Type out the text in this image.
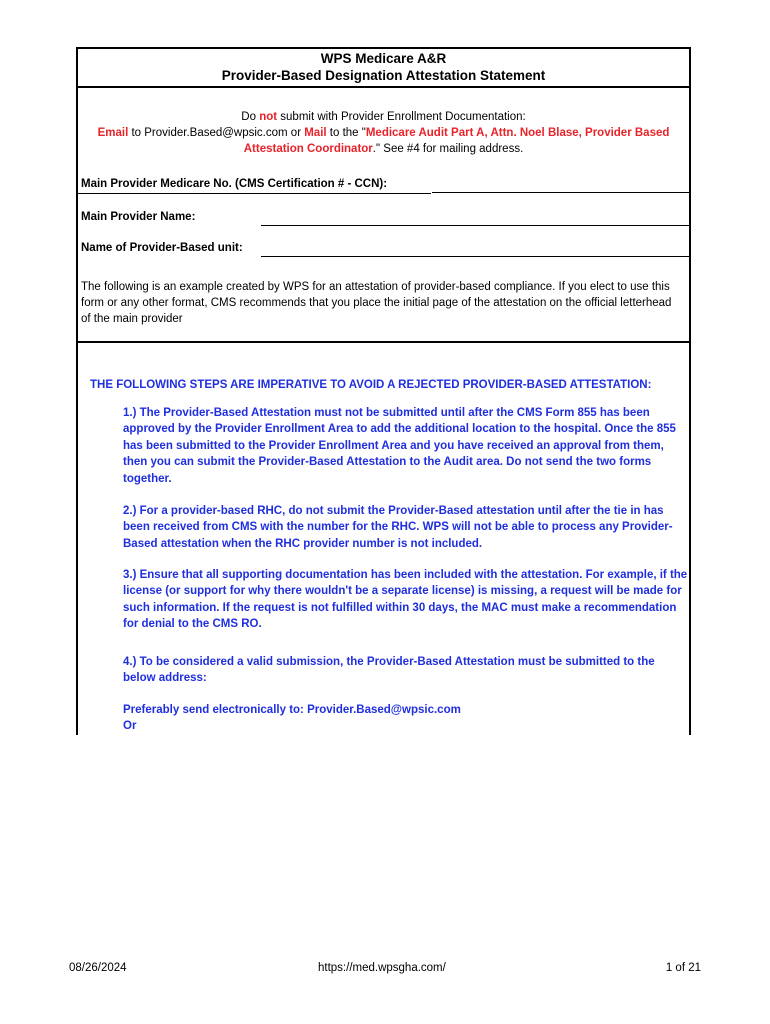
WPS Medicare A&R
Provider-Based Designation Attestation Statement
Do not submit with Provider Enrollment Documentation:
Email to Provider.Based@wpsic.com or Mail to the "Medicare Audit Part A, Attn. Noel Blase, Provider Based
Attestation Coordinator." See #4 for mailing address.
Main Provider Medicare No. (CMS Certification # - CCN):
Main Provider Name:
Name of Provider-Based unit:
The following is an example created by WPS for an attestation of provider-based compliance. If you elect to use this form or any other format, CMS recommends that you place the initial page of the attestation on the official letterhead of the main provider
THE FOLLOWING STEPS ARE IMPERATIVE TO AVOID A REJECTED PROVIDER-BASED ATTESTATION:
1.) The Provider-Based Attestation must not be submitted until after the CMS Form 855 has been approved by the Provider Enrollment Area to add the additional location to the hospital. Once the 855 has been submitted to the Provider Enrollment Area and you have received an approval from them, then you can submit the Provider-Based Attestation to the Audit area. Do not send the two forms together.
2.) For a provider-based RHC, do not submit the Provider-Based attestation until after the tie in has been received from CMS with the number for the RHC. WPS will not be able to process any Provider-Based attestation when the RHC provider number is not included.
3.) Ensure that all supporting documentation has been included with the attestation. For example, if the license (or support for why there wouldn't be a separate license) is missing, a request will be made for such information. If the request is not fulfilled within 30 days, the MAC must make a recommendation for denial to the CMS RO.
4.) To be considered a valid submission, the Provider-Based Attestation must be submitted to the below address:
Preferably send electronically to: Provider.Based@wpsic.com
Or
08/26/2024	https://med.wpsgha.com/	1 of 21
